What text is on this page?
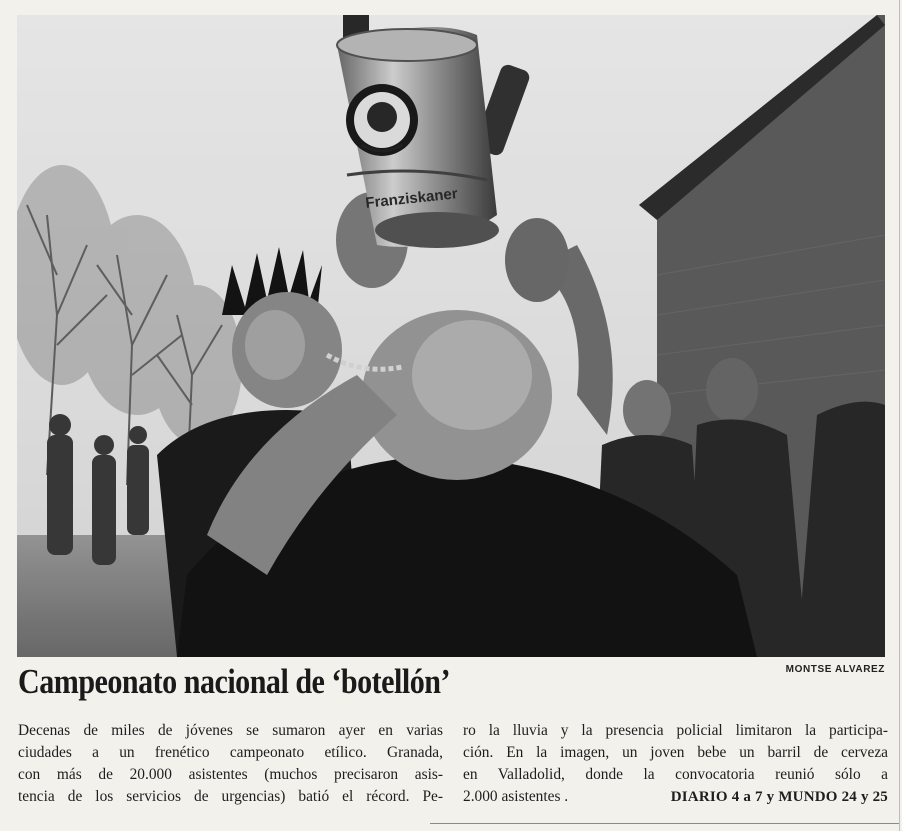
Franziskaner
MONTSE ALVAREZ
Campeonato nacional de ‘botellón’
Decenas de miles de jóvenes se sumaron ayer en varias
ciudades a un frenético campeonato etílico. Granada,
con más de 20.000 asistentes (muchos precisaron asis-
tencia de los servicios de urgencias) batió el récord. Pe-
ro la lluvia y la presencia policial limitaron la participa-
ción. En la imagen, un joven bebe un barril de cerveza
en Valladolid, donde la convocatoria reunió sólo a
2.000 asistentes .	DIARIO 4 a 7 y MUNDO 24 y 25
